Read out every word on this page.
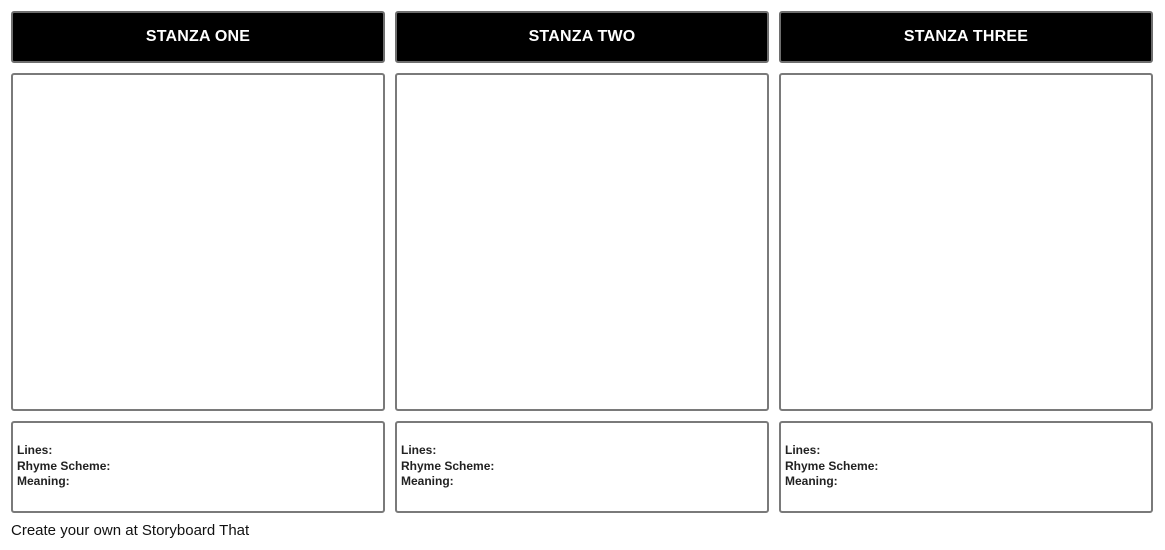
STANZA ONE
Lines:
Rhyme Scheme:
Meaning:
STANZA TWO
Lines:
Rhyme Scheme:
Meaning:
STANZA THREE
Lines:
Rhyme Scheme:
Meaning:
Create your own at Storyboard That
